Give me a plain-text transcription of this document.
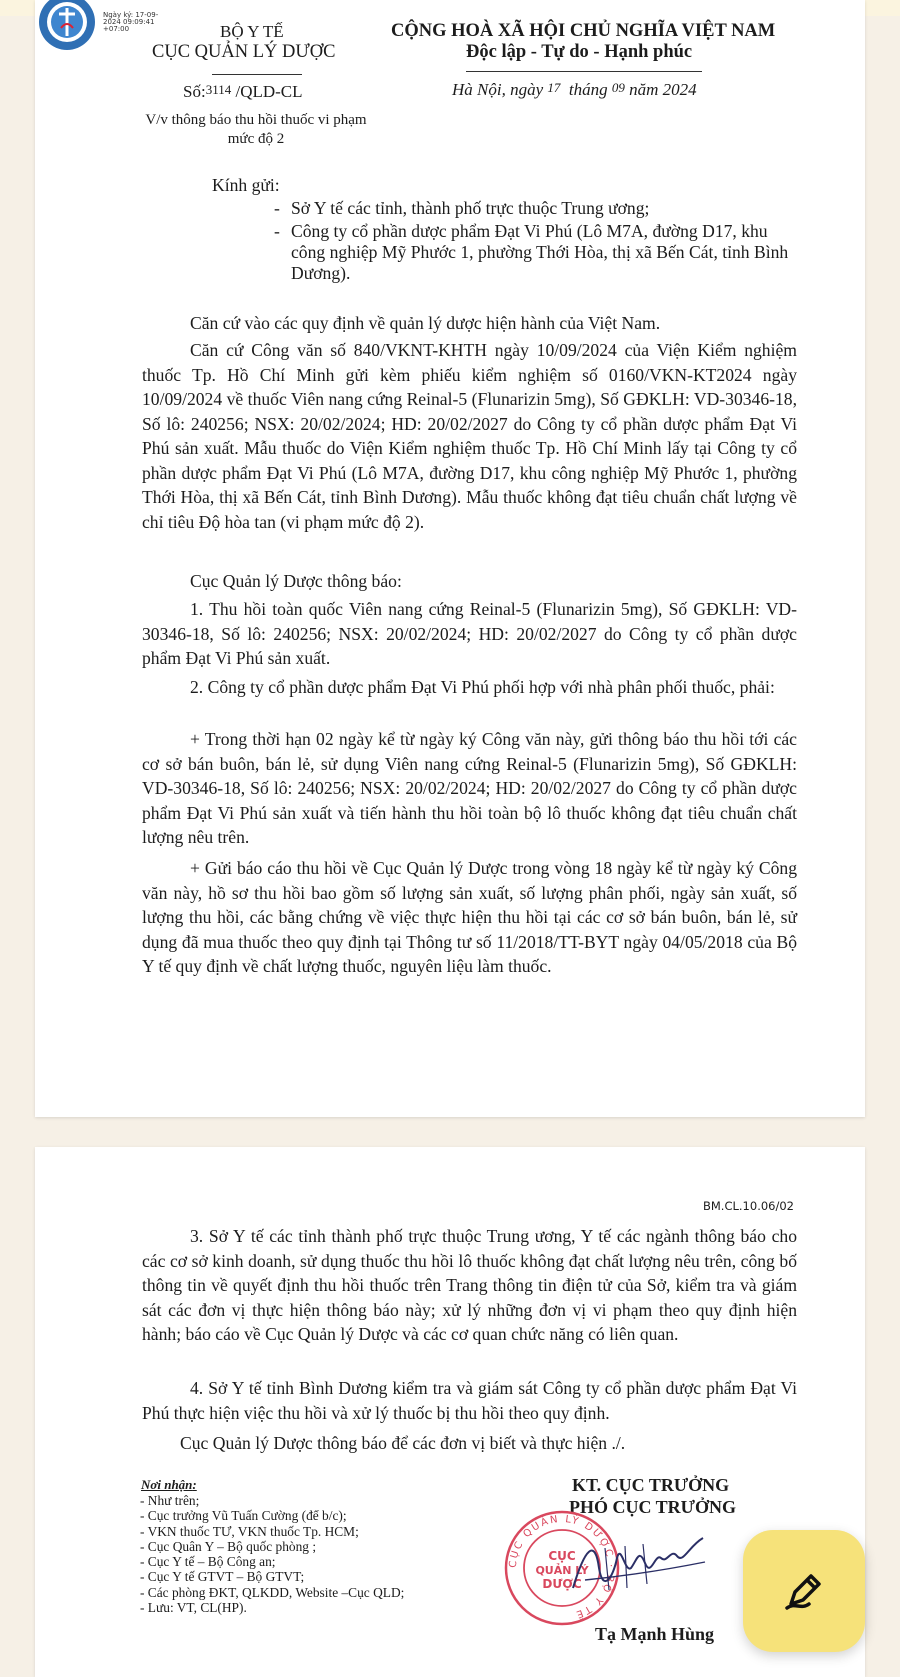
Ngày ký: 17-09-
2024 09:09:41
+07:00	BỘ Y TẾ
CỤC QUẢN LÝ DƯỢC
CỘNG HOÀ XÃ HỘI CHỦ NGHĨA VIỆT NAM
Độc lập - Tự do - Hạnh phúc
Số:3114 /QLD-CL	Hà Nội, ngày 17 tháng 09 năm 2024
V/v thông báo thu hồi thuốc vi phạm mức độ 2
Kính gửi:
- Sở Y tế các tỉnh, thành phố trực thuộc Trung ương;
- Công ty cổ phần dược phẩm Đạt Vi Phú (Lô M7A, đường D17, khu công nghiệp Mỹ Phước 1, phường Thới Hòa, thị xã Bến Cát, tỉnh Bình Dương).
Căn cứ vào các quy định về quản lý dược hiện hành của Việt Nam.
Căn cứ Công văn số 840/VKNT-KHTH ngày 10/09/2024 của Viện Kiểm nghiệm thuốc Tp. Hồ Chí Minh gửi kèm phiếu kiểm nghiệm số 0160/VKN-KT2024 ngày 10/09/2024 về thuốc Viên nang cứng Reinal-5 (Flunarizin 5mg), Số GĐKLH: VD-30346-18, Số lô: 240256; NSX: 20/02/2024; HD: 20/02/2027 do Công ty cổ phần dược phẩm Đạt Vi Phú sản xuất. Mẫu thuốc do Viện Kiểm nghiệm thuốc Tp. Hồ Chí Minh lấy tại Công ty cổ phần dược phẩm Đạt Vi Phú (Lô M7A, đường D17, khu công nghiệp Mỹ Phước 1, phường Thới Hòa, thị xã Bến Cát, tỉnh Bình Dương). Mẫu thuốc không đạt tiêu chuẩn chất lượng về chỉ tiêu Độ hòa tan (vi phạm mức độ 2).
Cục Quản lý Dược thông báo:
1. Thu hồi toàn quốc Viên nang cứng Reinal-5 (Flunarizin 5mg), Số GĐKLH: VD-30346-18, Số lô: 240256; NSX: 20/02/2024; HD: 20/02/2027 do Công ty cổ phần dược phẩm Đạt Vi Phú sản xuất.
2. Công ty cổ phần dược phẩm Đạt Vi Phú phối hợp với nhà phân phối thuốc, phải:
+ Trong thời hạn 02 ngày kể từ ngày ký Công văn này, gửi thông báo thu hồi tới các cơ sở bán buôn, bán lẻ, sử dụng Viên nang cứng Reinal-5 (Flunarizin 5mg), Số GĐKLH: VD-30346-18, Số lô: 240256; NSX: 20/02/2024; HD: 20/02/2027 do Công ty cổ phần dược phẩm Đạt Vi Phú sản xuất và tiến hành thu hồi toàn bộ lô thuốc không đạt tiêu chuẩn chất lượng nêu trên.
+ Gửi báo cáo thu hồi về Cục Quản lý Dược trong vòng 18 ngày kể từ ngày ký Công văn này, hồ sơ thu hồi bao gồm số lượng sản xuất, số lượng phân phối, ngày sản xuất, số lượng thu hồi, các bằng chứng về việc thực hiện thu hồi tại các cơ sở bán buôn, bán lẻ, sử dụng đã mua thuốc theo quy định tại Thông tư số 11/2018/TT-BYT ngày 04/05/2018 của Bộ Y tế quy định về chất lượng thuốc, nguyên liệu làm thuốc.
BM.CL.10.06/02
3. Sở Y tế các tỉnh thành phố trực thuộc Trung ương, Y tế các ngành thông báo cho các cơ sở kinh doanh, sử dụng thuốc thu hồi lô thuốc không đạt chất lượng nêu trên, công bố thông tin về quyết định thu hồi thuốc trên Trang thông tin điện tử của Sở, kiểm tra và giám sát các đơn vị thực hiện thông báo này; xử lý những đơn vị vi phạm theo quy định hiện hành; báo cáo về Cục Quản lý Dược và các cơ quan chức năng có liên quan.
4. Sở Y tế tỉnh Bình Dương kiểm tra và giám sát Công ty cổ phần dược phẩm Đạt Vi Phú thực hiện việc thu hồi và xử lý thuốc bị thu hồi theo quy định.
Cục Quản lý Dược thông báo để các đơn vị biết và thực hiện ./.
Nơi nhận:
- Như trên;
- Cục trưởng Vũ Tuấn Cường (để b/c);
- VKN thuốc TƯ, VKN thuốc Tp. HCM;
- Cục Quân Y – Bộ quốc phòng ;
- Cục Y tế – Bộ Công an;
- Cục Y tế GTVT – Bộ GTVT;
- Các phòng ĐKT, QLKDD, Website –Cục QLD;
- Lưu: VT, CL(HP).
KT. CỤC TRƯỞNG
PHÓ CỤC TRƯỞNG
CỤC QUẢN LÝ DƯỢC · BỘ Y TẾ
CỤC
QUẢN LÝ
DƯỢC
Tạ Mạnh Hùng
